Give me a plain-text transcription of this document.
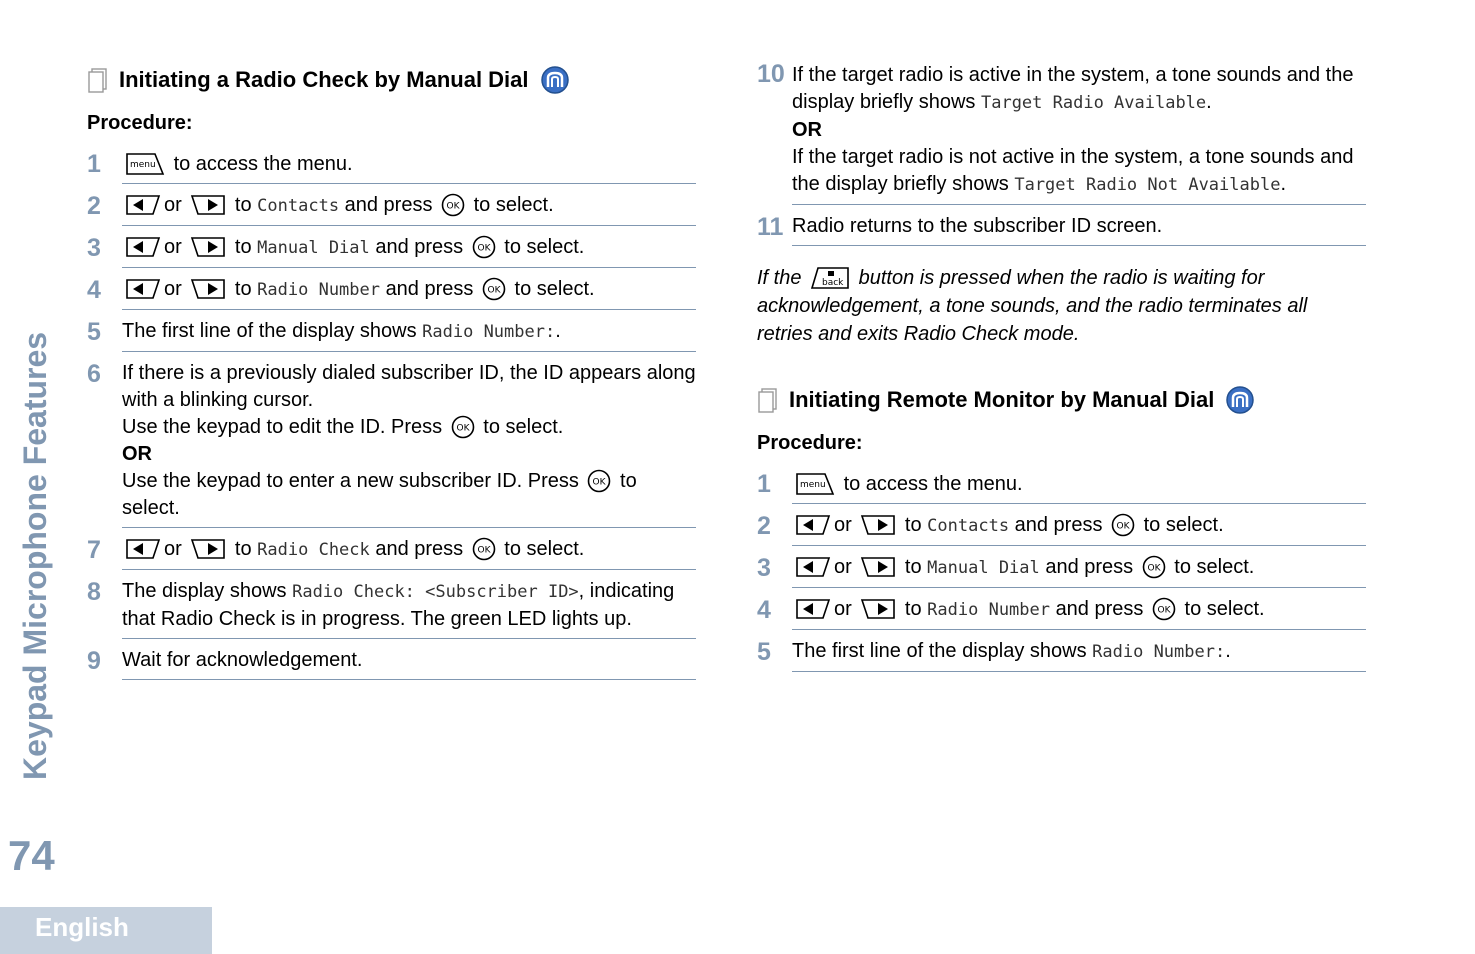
Keypad Microphone Features
74
English
Initiating a Radio Check by Manual Dial
Procedure:
1	to access the menu.
2	or	to Contacts and press to select.
3	or	to Manual Dial and press to select.
4	or	to Radio Number and press to select.
5	The first line of the display shows Radio Number:.
6	If there is a previously dialed subscriber ID, the ID appears along with a blinking cursor.
Use the keypad to edit the ID. Press to select.
OR
Use the keypad to enter a new subscriber ID. Press to select.
7	or	to Radio Check and press to select.
8	The display shows Radio Check: <Subscriber ID>, indicating that Radio Check is in progress. The green LED lights up.
9	Wait for acknowledgement.
10 If the target radio is active in the system, a tone sounds and the display briefly shows Target Radio Available.
OR
If the target radio is not active in the system, a tone sounds and the display briefly shows Target Radio Not Available.
11 Radio returns to the subscriber ID screen.
If the back button is pressed when the radio is waiting for acknowledgement, a tone sounds, and the radio terminates all retries and exits Radio Check mode.
Initiating Remote Monitor by Manual Dial
Procedure:
1	to access the menu.
2	or	to Contacts and press to select.
3	or	to Manual Dial and press to select.
4	or	to Radio Number and press to select.
5	The first line of the display shows Radio Number:.
